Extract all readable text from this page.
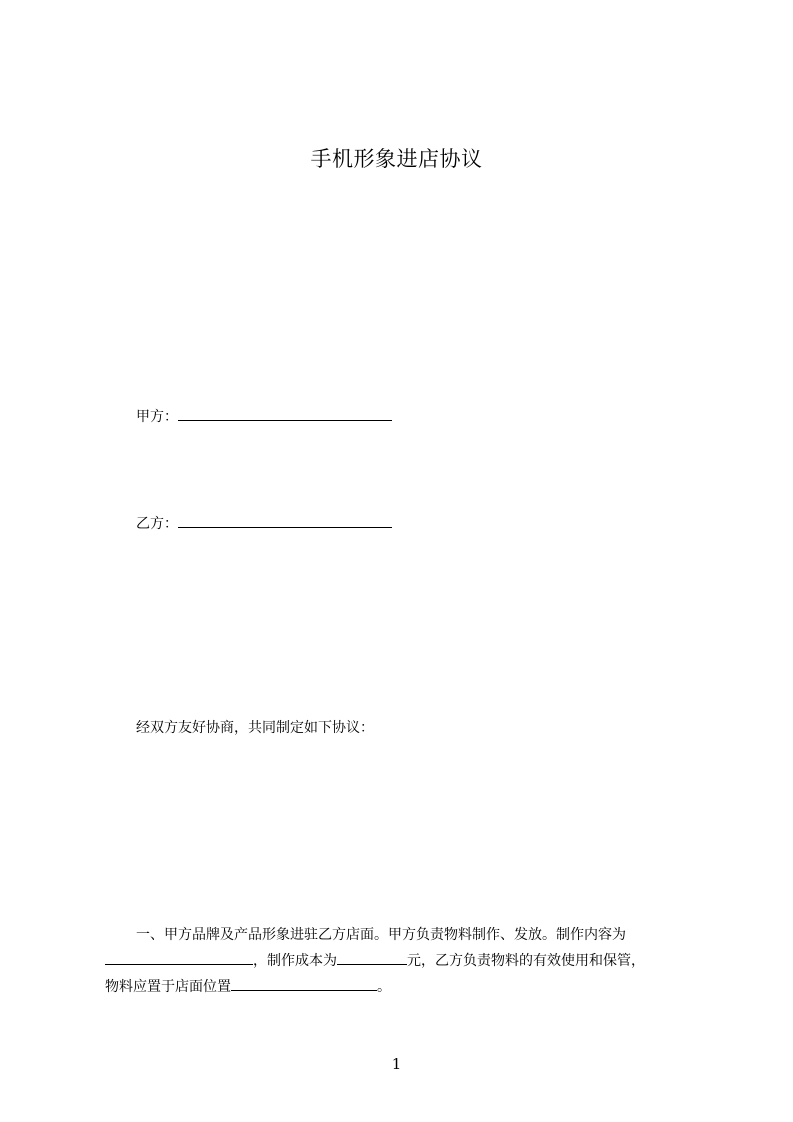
手机形象进店协议
甲方：
乙方：
经双方友好协商，共同制定如下协议：
一、甲方品牌及产品形象进驻乙方店面。甲方负责物料制作、发放。制作内容为
，制作成本为	元，乙方负责物料的有效使用和保管，
物料应置于店面位置	。
1
